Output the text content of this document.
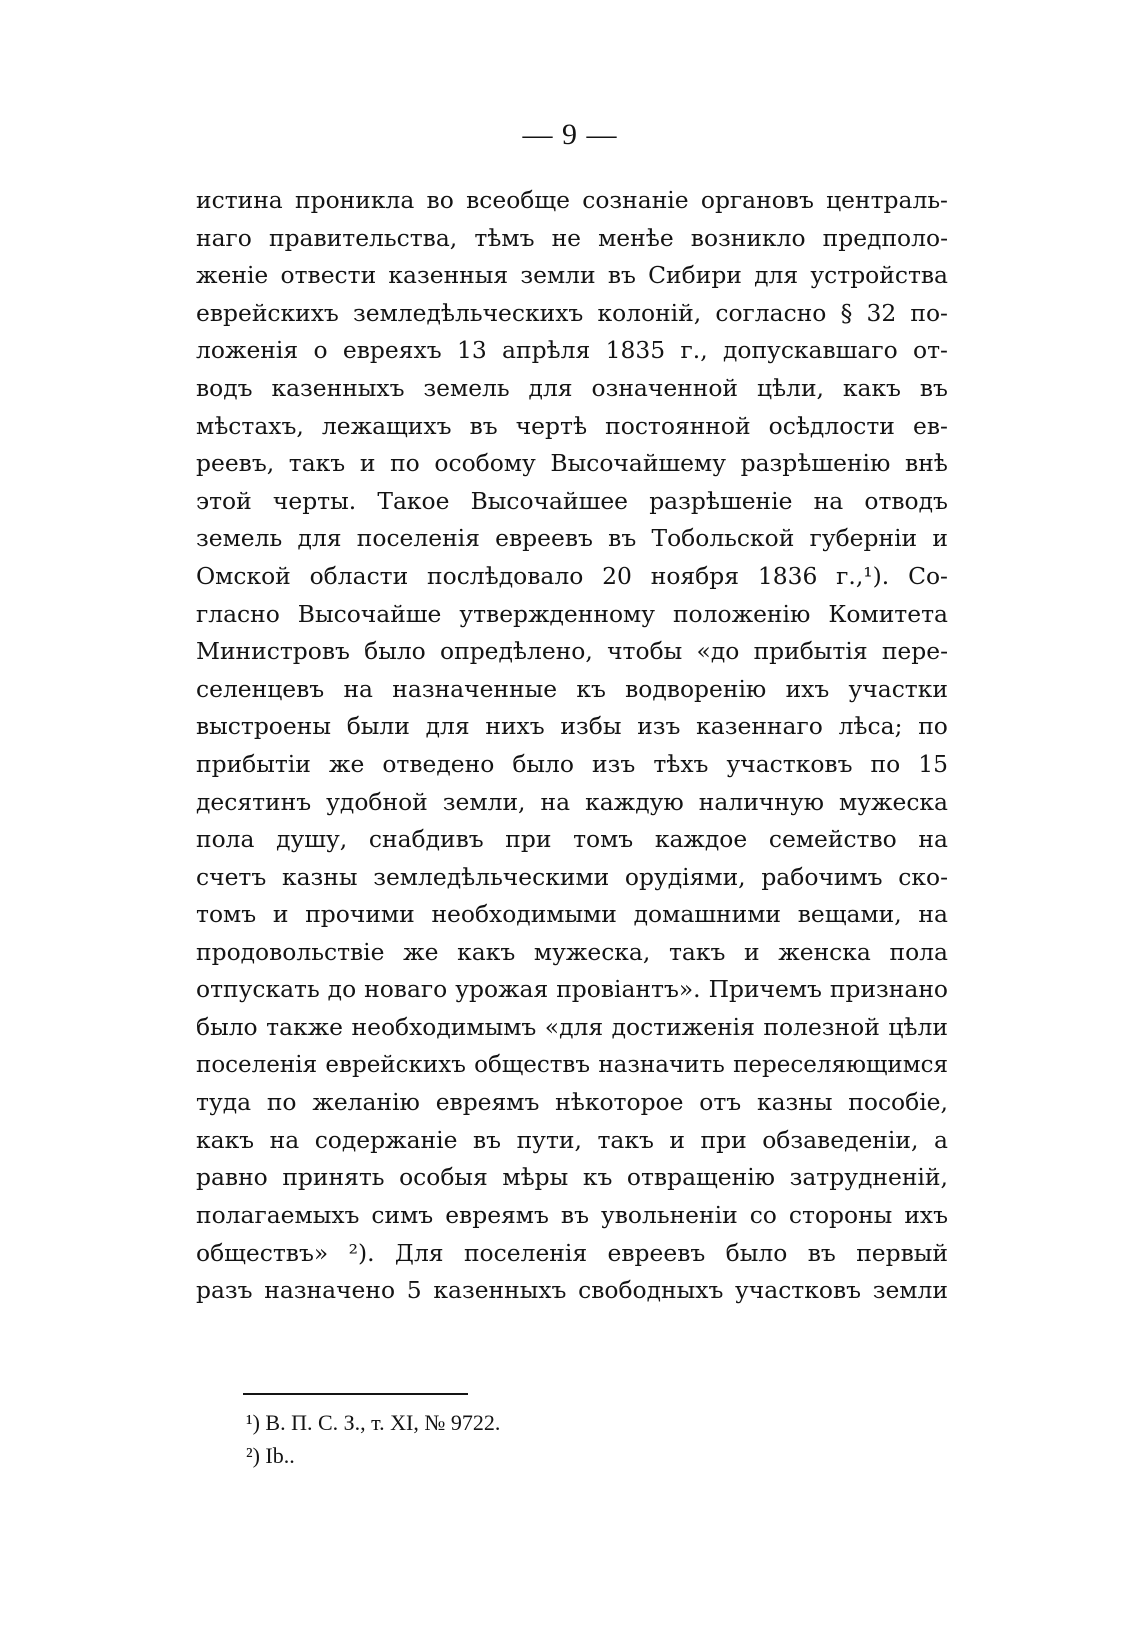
— 9 —
истина проникла во всеобще сознаніе органовъ централь-
наго правительства, тѣмъ не менѣе возникло предполо-
женіе отвести казенныя земли въ Сибири для устройства
еврейскихъ земледѣльческихъ колоній, согласно § 32 по-
ложенія о евреяхъ 13 апрѣля 1835 г., допускавшаго от-
водъ казенныхъ земель для означенной цѣли, какъ въ
мѣстахъ, лежащихъ въ чертѣ постоянной осѣдлости ев-
реевъ, такъ и по особому Высочайшему разрѣшенію внѣ
этой черты. Такое Высочайшее разрѣшеніе на отводъ
земель для поселенія евреевъ въ Тобольской губерніи и
Омской области послѣдовало 20 ноября 1836 г.,¹). Со-
гласно Высочайше утвержденному положенію Комитета
Министровъ было опредѣлено, чтобы «до прибытія пере-
селенцевъ на назначенные къ водворенію ихъ участки
выстроены были для нихъ избы изъ казеннаго лѣса; по
прибытіи же отведено было изъ тѣхъ участковъ по 15
десятинъ удобной земли, на каждую наличную мужеска
пола душу, снабдивъ при томъ каждое семейство на
счетъ казны земледѣльческими орудіями, рабочимъ ско-
томъ и прочими необходимыми домашними вещами, на
продовольствіе же какъ мужеска, такъ и женска пола
отпускать до новаго урожая провіантъ». Причемъ признано
было также необходимымъ «для достиженія полезной цѣли
поселенія еврейскихъ обществъ назначить переселяющимся
туда по желанію евреямъ нѣкоторое отъ казны пособіе,
какъ на содержаніе въ пути, такъ и при обзаведеніи, а
равно принять особыя мѣры къ отвращенію затрудненій,
полагаемыхъ симъ евреямъ въ увольненіи со стороны ихъ
обществъ» ²). Для поселенія евреевъ было въ первый
разъ назначено 5 казенныхъ свободныхъ участковъ земли
¹) В. П. С. З., т. XI, № 9722.
²) Ib..
